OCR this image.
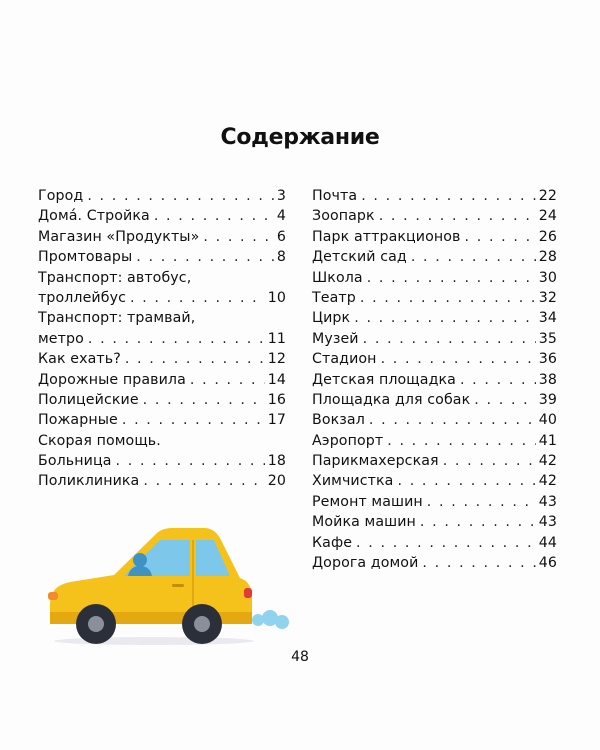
Содержание
Город . . .	3
Домá. Стройка . . .	4
Магазин «Продукты» . . .	6
Промтовары . . .	8
Транспорт: автобус,
троллейбус . . .	10
Транспорт: трамвай,
метро . . .	11
Как ехать? . . .	12
Дорожные правила . . .	14
Полицейские . . .	16
Пожарные . . .	17
Скорая помощь.
Больница . . .	18
Поликлиника . . .	20
Почта . . .	22
Зоопарк . . .	24
Парк аттракционов . . .	26
Детский сад . . .	28
Школа . . .	30
Театр . . .	32
Цирк . . .	34
Музей . . .	35
Стадион . . .	36
Детская площадка . . .	38
Площадка для собак . . .	39
Вокзал . . .	40
Аэропорт . . .	41
Парикмахерская . . .	42
Химчистка . . .	42
Ремонт машин . . .	43
Мойка машин . . .	43
Кафе . . .	44
Дорога домой . . .	46
48
